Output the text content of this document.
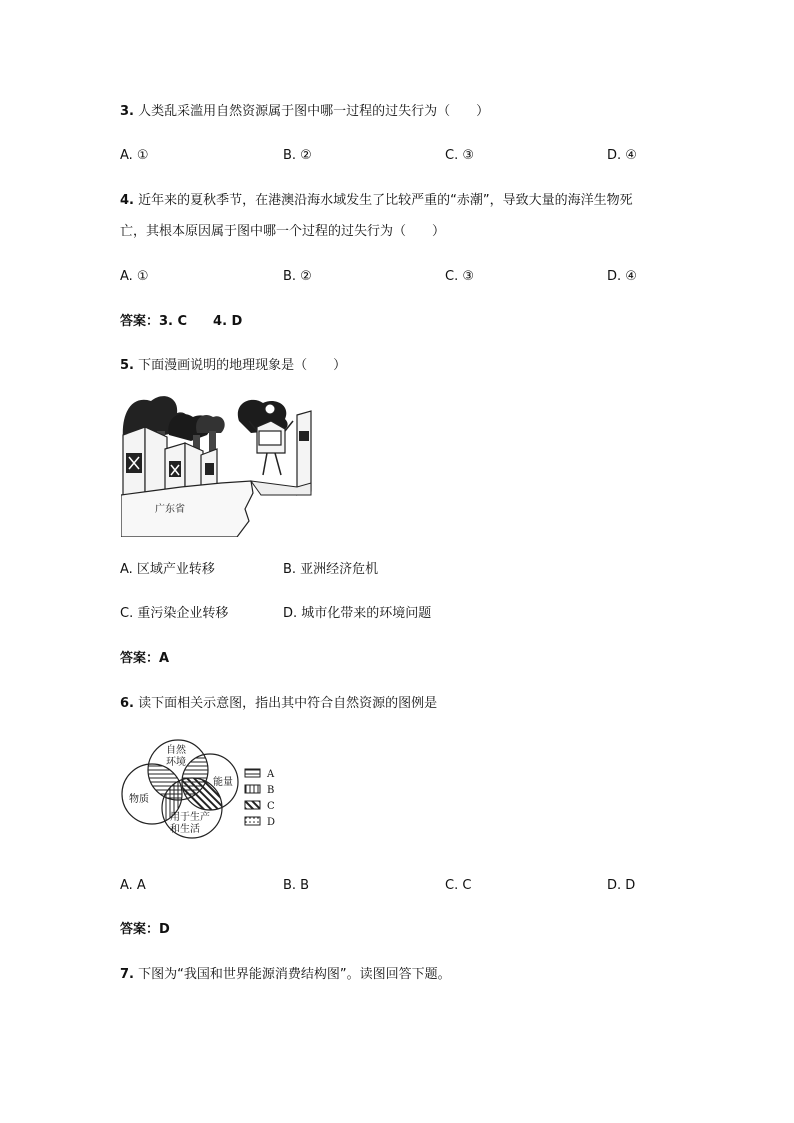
3. 人类乱采滥用自然资源属于图中哪一过程的过失行为（　　）
A. ①	B. ②	C. ③	D. ④
4. 近年来的夏秋季节，在港澳沿海水域发生了比较严重的“赤潮”，导致大量的海洋生物死
亡，其根本原因属于图中哪一个过程的过失行为（　　）
A. ①	B. ②	C. ③	D. ④
答案：3. C　　4. D
5. 下面漫画说明的地理现象是（　　）
广东省
A. 区域产业转移	B. 亚洲经济危机
C. 重污染企业转移	D. 城市化带来的环境问题
答案：A
6. 读下面相关示意图，指出其中符合自然资源的图例是
自然
环境
物质
能量
用于生产
和生活
A
B
C
D
A. A	B. B	C. C	D. D
答案：D
7. 下图为“我国和世界能源消费结构图”。读图回答下题。
